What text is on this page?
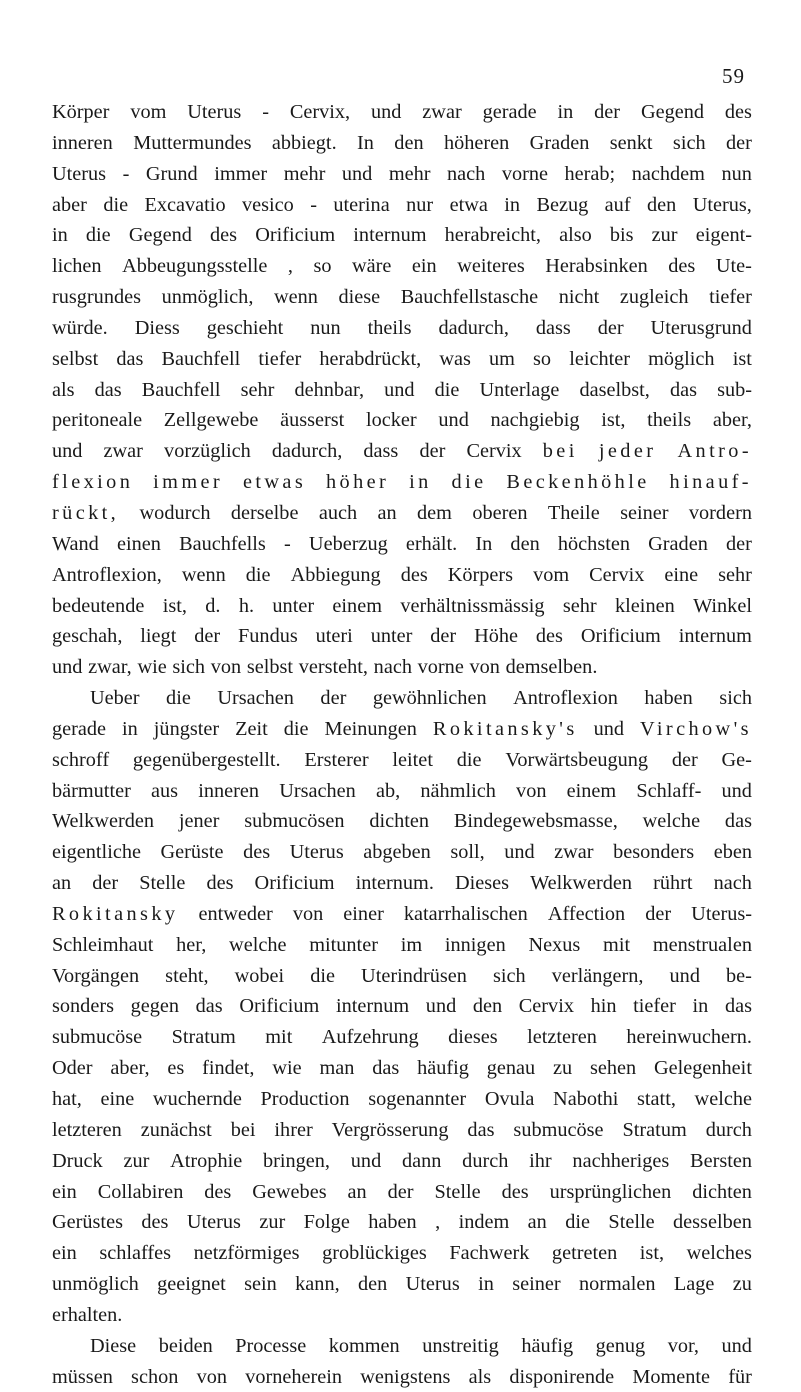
59
Körper vom Uterus - Cervix, und zwar gerade in der Gegend des
inneren Muttermundes abbiegt. In den höheren Graden senkt sich der
Uterus - Grund immer mehr und mehr nach vorne herab; nachdem nun
aber die Excavatio vesico - uterina nur etwa in Bezug auf den Uterus,
in die Gegend des Orificium internum herabreicht, also bis zur eigent-
lichen Abbeugungsstelle , so wäre ein weiteres Herabsinken des Ute-
rusgrundes unmöglich, wenn diese Bauchfellstasche nicht zugleich tiefer
würde. Diess geschieht nun theils dadurch, dass der Uterusgrund
selbst das Bauchfell tiefer herabdrückt, was um so leichter möglich ist
als das Bauchfell sehr dehnbar, und die Unterlage daselbst, das sub-
peritoneale Zellgewebe äusserst locker und nachgiebig ist, theils aber,
und zwar vorzüglich dadurch, dass der Cervix bei jeder Antro-
flexion immer etwas höher in die Beckenhöhle hinauf-
rückt, wodurch derselbe auch an dem oberen Theile seiner vordern
Wand einen Bauchfells - Ueberzug erhält. In den höchsten Graden der
Antroflexion, wenn die Abbiegung des Körpers vom Cervix eine sehr
bedeutende ist, d. h. unter einem verhältnissmässig sehr kleinen Winkel
geschah, liegt der Fundus uteri unter der Höhe des Orificium internum
und zwar, wie sich von selbst versteht, nach vorne von demselben.
Ueber die Ursachen der gewöhnlichen Antroflexion haben sich
gerade in jüngster Zeit die Meinungen Rokitansky's und Virchow's
schroff gegenübergestellt. Ersterer leitet die Vorwärtsbeugung der Ge-
bärmutter aus inneren Ursachen ab, nähmlich von einem Schlaff- und
Welkwerden jener submucösen dichten Bindegewebsmasse, welche das
eigentliche Gerüste des Uterus abgeben soll, und zwar besonders eben
an der Stelle des Orificium internum. Dieses Welkwerden rührt nach
Rokitansky entweder von einer katarrhalischen Affection der Uterus-
Schleimhaut her, welche mitunter im innigen Nexus mit menstrualen
Vorgängen steht, wobei die Uterindrüsen sich verlängern, und be-
sonders gegen das Orificium internum und den Cervix hin tiefer in das
submucöse Stratum mit Aufzehrung dieses letzteren hereinwuchern.
Oder aber, es findet, wie man das häufig genau zu sehen Gelegenheit
hat, eine wuchernde Production sogenannter Ovula Nabothi statt, welche
letzteren zunächst bei ihrer Vergrösserung das submucöse Stratum durch
Druck zur Atrophie bringen, und dann durch ihr nachheriges Bersten
ein Collabiren des Gewebes an der Stelle des ursprünglichen dichten
Gerüstes des Uterus zur Folge haben , indem an die Stelle desselben
ein schlaffes netzförmiges groblückiges Fachwerk getreten ist, welches
unmöglich geeignet sein kann, den Uterus in seiner normalen Lage zu
erhalten.
Diese beiden Processe kommen unstreitig häufig genug vor, und
müssen schon von vorneherein wenigstens als disponirende Momente für
